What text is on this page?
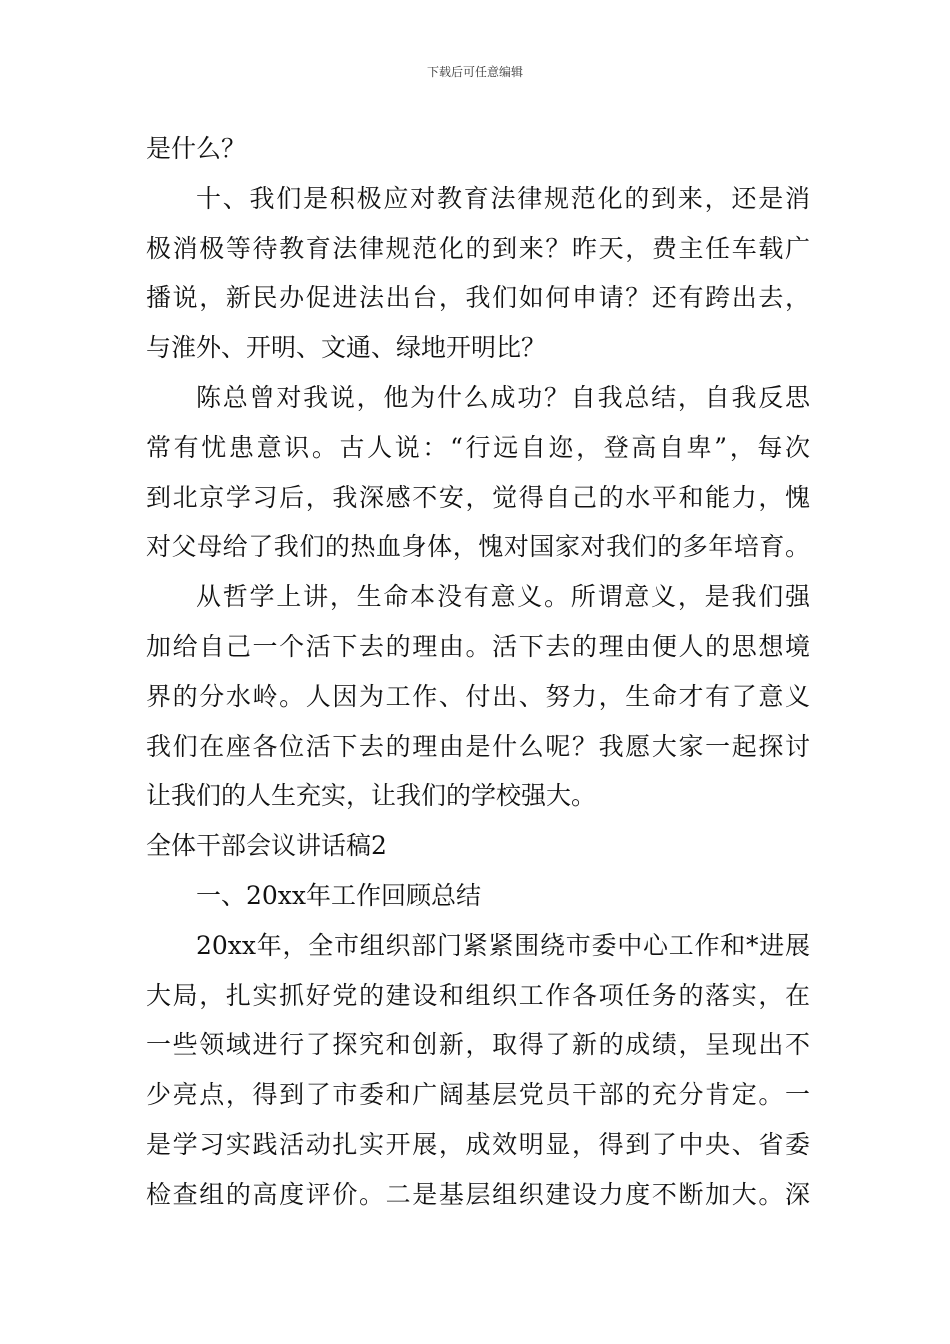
下载后可任意编辑
是什么？
十、我们是积极应对教育法律规范化的到来，还是消
极消极等待教育法律规范化的到来？昨天，费主任车载广
播说，新民办促进法出台，我们如何申请？还有跨出去，
与淮外、开明、文通、绿地开明比？
陈总曾对我说，他为什么成功？自我总结，自我反思
常有忧患意识。古人说：“行远自迩，登高自卑”，每次
到北京学习后，我深感不安，觉得自己的水平和能力，愧
对父母给了我们的热血身体，愧对国家对我们的多年培育。
从哲学上讲，生命本没有意义。所谓意义，是我们强
加给自己一个活下去的理由。活下去的理由便人的思想境
界的分水岭。人因为工作、付出、努力，生命才有了意义
我们在座各位活下去的理由是什么呢？我愿大家一起探讨
让我们的人生充实，让我们的学校强大。
全体干部会议讲话稿2
一、20xx年工作回顾总结
20xx年，全市组织部门紧紧围绕市委中心工作和*进展
大局，扎实抓好党的建设和组织工作各项任务的落实，在
一些领域进行了探究和创新，取得了新的成绩，呈现出不
少亮点，得到了市委和广阔基层党员干部的充分肯定。一
是学习实践活动扎实开展，成效明显，得到了中央、省委
检查组的高度评价。二是基层组织建设力度不断加大。深
